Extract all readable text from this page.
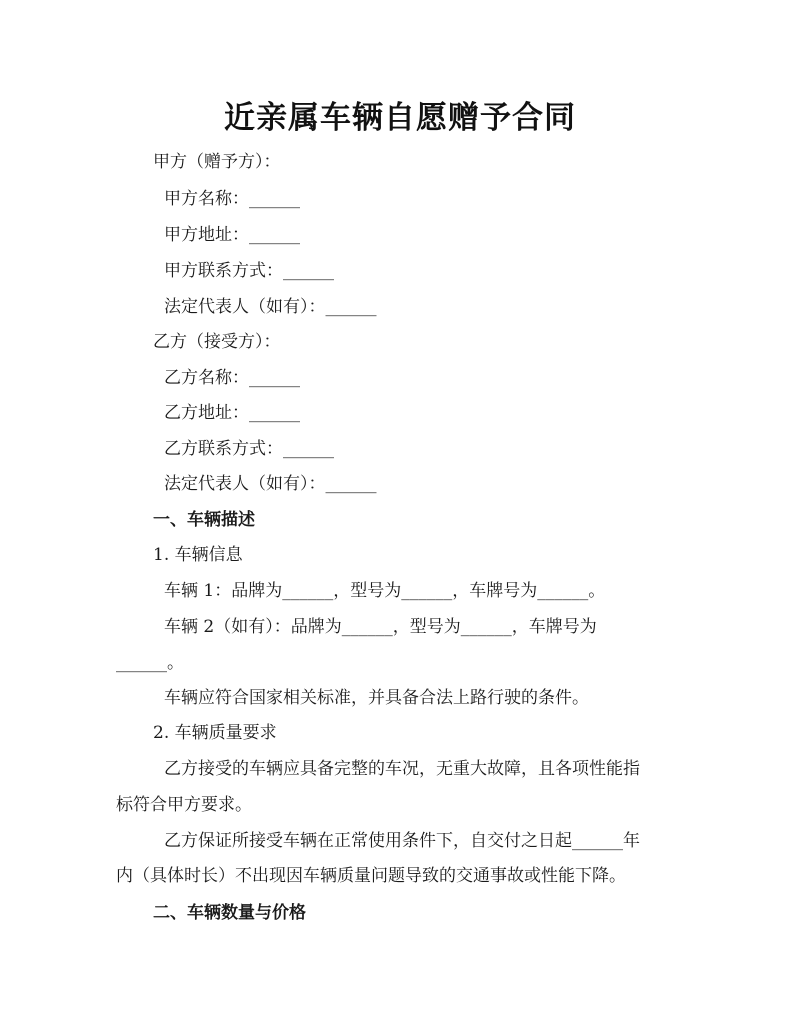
近亲属车辆自愿赠予合同
甲方（赠予方）：
甲方名称：______
甲方地址：______
甲方联系方式：______
法定代表人（如有）：______
乙方（接受方）：
乙方名称：______
乙方地址：______
乙方联系方式：______
法定代表人（如有）：______
一、车辆描述
1. 车辆信息
车辆 1：品牌为______，型号为______，车牌号为______。
车辆 2（如有）：品牌为______，型号为______，车牌号为
______。
车辆应符合国家相关标准，并具备合法上路行驶的条件。
2. 车辆质量要求
乙方接受的车辆应具备完整的车况，无重大故障，且各项性能指
标符合甲方要求。
乙方保证所接受车辆在正常使用条件下，自交付之日起______年
内（具体时长）不出现因车辆质量问题导致的交通事故或性能下降。
二、车辆数量与价格
